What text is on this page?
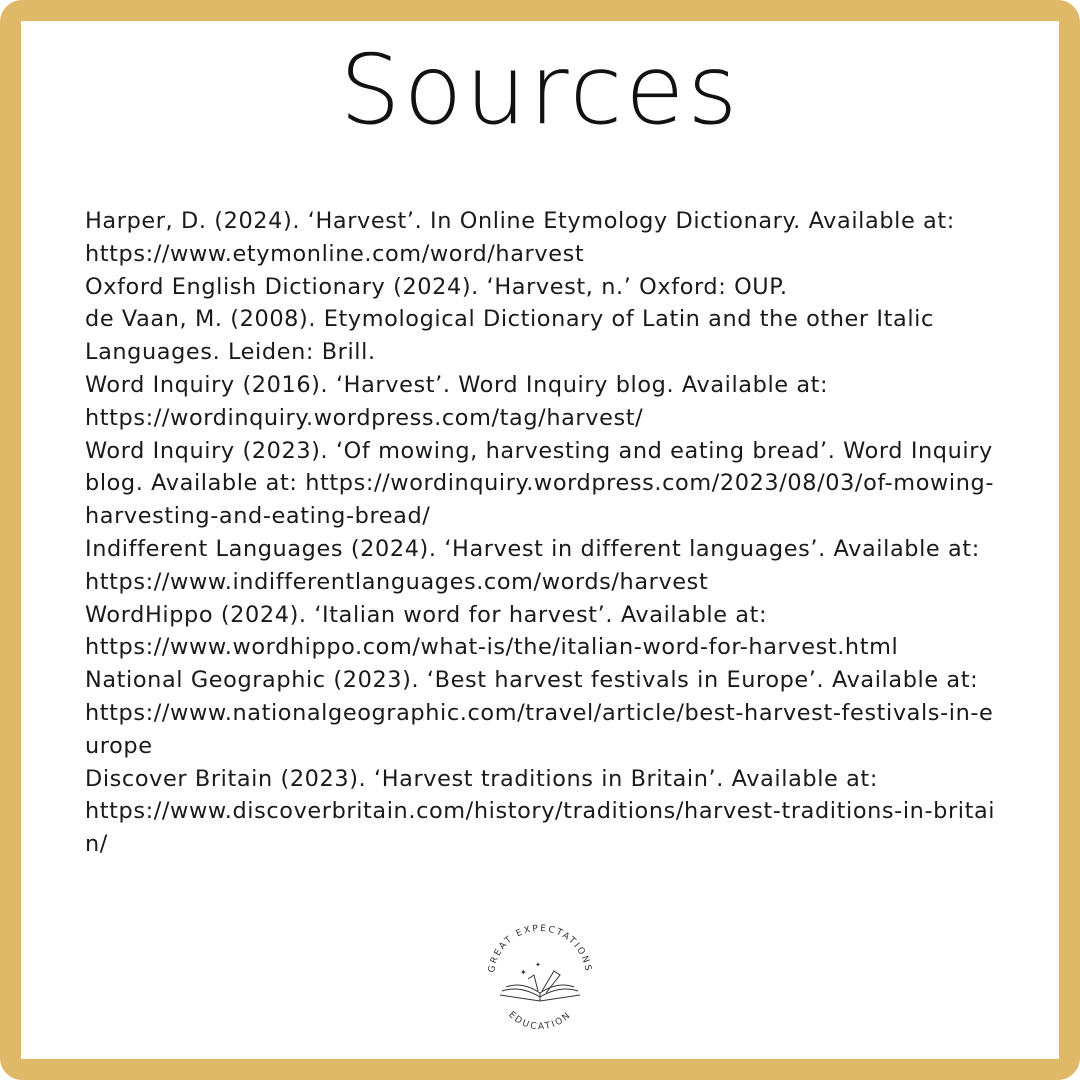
Sources

Harper, D. (2024). ‘Harvest’. In Online Etymology Dictionary. Available at:
https://www.etymonline.com/word/harvest

Oxford English Dictionary (2024). ‘Harvest, n.’ Oxford: OUP.

de Vaan, M. (2008). Etymological Dictionary of Latin and the other Italic Languages. Leiden: Brill.

Word Inquiry (2016). ‘Harvest’. Word Inquiry blog. Available at:
https://wordinquiry.wordpress.com/tag/harvest/

Word Inquiry (2023). ‘Of mowing, harvesting and eating bread’. Word Inquiry blog. Available at: https://wordinquiry.wordpress.com/2023/08/03/of-mowing-harvesting-and-eating-bread/

Indifferent Languages (2024). ‘Harvest in different languages’. Available at:
https://www.indifferentlanguages.com/words/harvest

WordHippo (2024). ‘Italian word for harvest’. Available at:
https://www.wordhippo.com/what-is/the/italian-word-for-harvest.html

National Geographic (2023). ‘Best harvest festivals in Europe’. Available at:
https://www.nationalgeographic.com/travel/article/best-harvest-festivals-in-europe

Discover Britain (2023). ‘Harvest traditions in Britain’. Available at:
https://www.discoverbritain.com/history/traditions/harvest-traditions-in-britain/

GREAT EXPECTATIONS
EDUCATION
✦
✦
